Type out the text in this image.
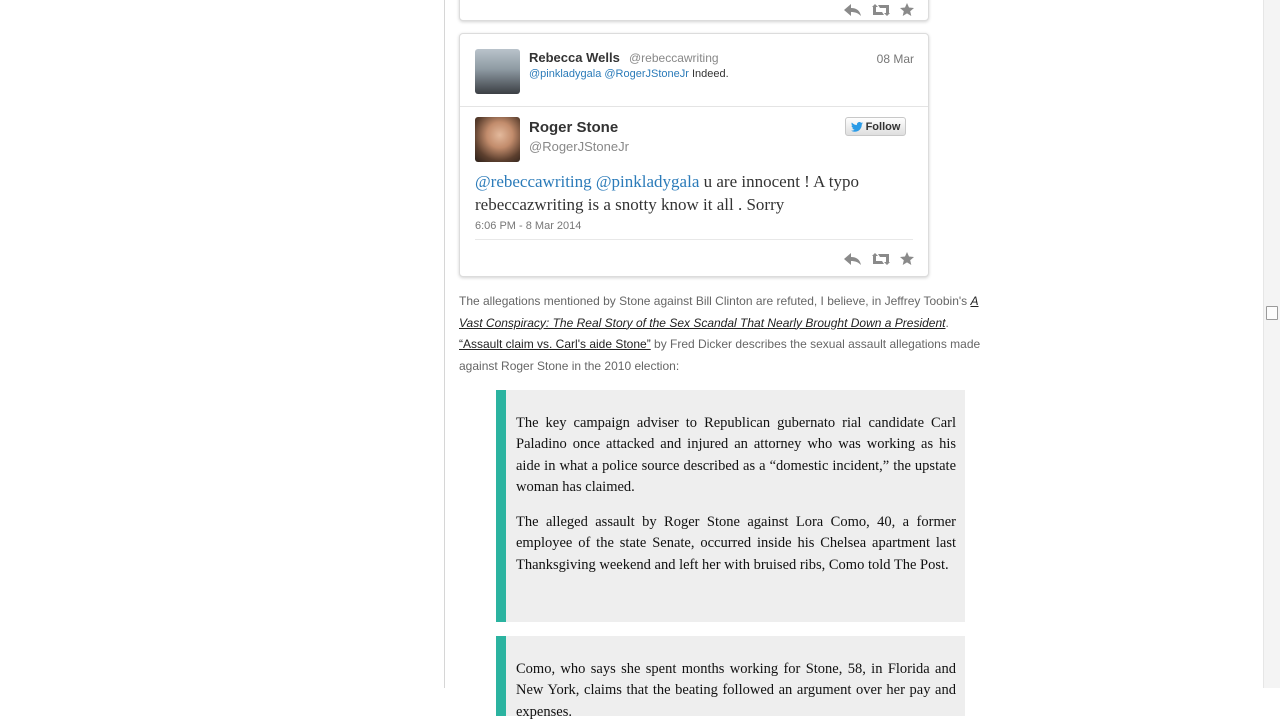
Rebecca Wells @rebeccawriting	08 Mar
@pinkladygala @RogerJStoneJr Indeed.
Roger Stone
@RogerJStoneJr
Follow
@rebeccawriting @pinkladygala u are innocent ! A typo rebeccazwriting is a snotty know it all . Sorry
6:06 PM - 8 Mar 2014
The allegations mentioned by Stone against Bill Clinton are refuted, I believe, in Jeffrey Toobin's A Vast Conspiracy: The Real Story of the Sex Scandal That Nearly Brought Down a President.
“Assault claim vs. Carl's aide Stone” by Fred Dicker describes the sexual assault allegations made against Roger Stone in the 2010 election:

The key campaign adviser to Republican gubernato rial candidate Carl Paladino once attacked and injured an attorney who was working as his aide in what a police source described as a “domestic incident,” the upstate woman has claimed.

The alleged assault by Roger Stone against Lora Como, 40, a former employee of the state Senate, occurred inside his Chelsea apartment last Thanksgiving weekend and left her with bruised ribs, Como told The Post.

Como, who says she spent months working for Stone, 58, in Florida and New York, claims that the beating followed an argument over her pay and expenses.
